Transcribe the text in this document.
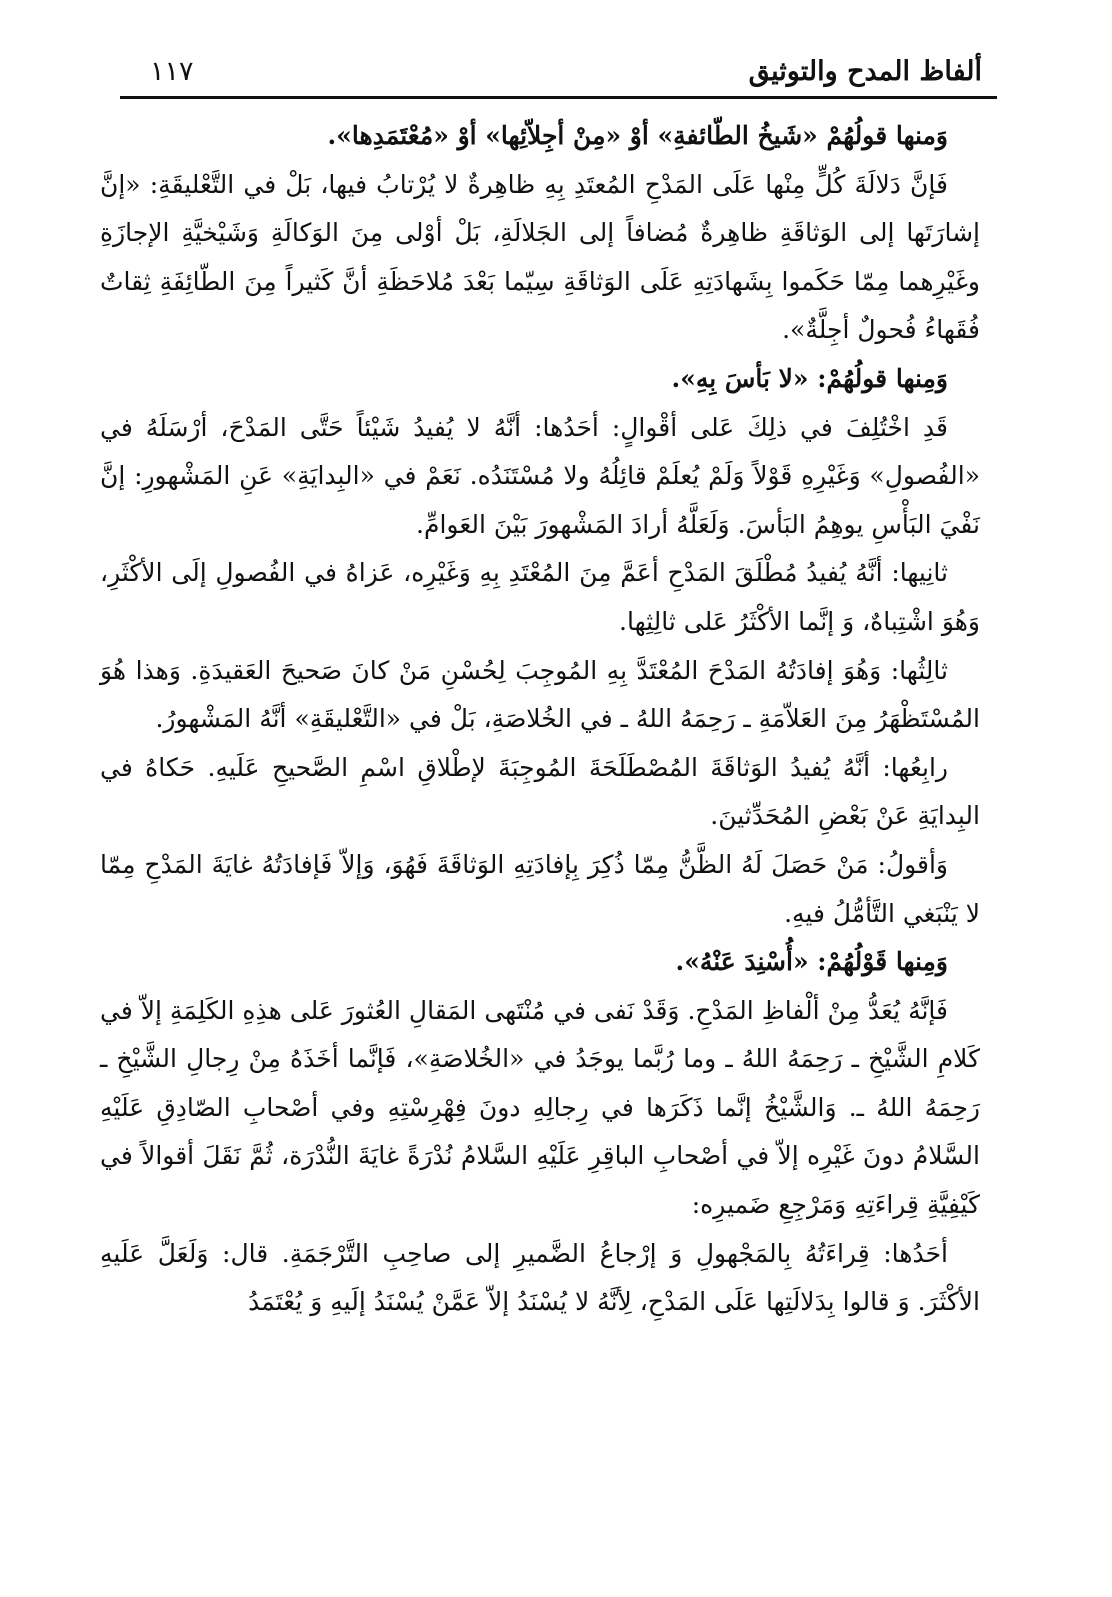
١١٧	ألفاظ المدح والتوثيق

وَمنها قولُهُمْ «شَيخُ الطّائفةِ» أوْ «مِنْ أجِلاّئِها» أوْ «مُعْتَمَدِها».

فَإنَّ دَلالَةَ كُلٍّ مِنْها عَلَى المَدْحِ المُعتَدِ بِهِ ظاهِرةٌ لا يُرْتابُ فيها، بَلْ في التَّعْليقَةِ: «إنَّ إشارَتَها إلى الوَثاقَةِ ظاهِرةٌ مُضافاً إلى الجَلالَةِ، بَلْ أوْلى مِنَ الوَكالَةِ وَشَيْخيَّةِ الإجازَةِ وغَيْرِهما مِمّا حَكَموا بِشَهادَتِهِ عَلَى الوَثاقَةِ سِيّما بَعْدَ مُلاحَظَةِ أنَّ كَثيراً مِنَ الطّائِفَةِ ثِقاتٌ فُقَهاءُ فُحولٌ أجِلَّةٌ».

وَمِنها قولُهُمْ: «لا بَأسَ بِهِ».

قَدِ اخْتُلِفَ في ذلِكَ عَلى أقْوالٍ: أحَدُها: أنَّهُ لا يُفيدُ شَيْئاً حَتَّى المَدْحَ، أرْسَلَهُ في «الفُصولِ» وَغَيْرِهِ قَوْلاً وَلَمْ يُعلَمْ قائِلُهُ ولا مُسْتَنَدُه. نَعَمْ في «البِدايَةِ» عَنِ المَشْهورِ: إنَّ نَفْيَ البَأْسِ يوهِمُ البَأسَ. وَلَعَلَّهُ أرادَ المَشْهورَ بَيْنَ العَوامِّ.

ثانِيها: أنَّهُ يُفيدُ مُطْلَقَ المَدْحِ أعَمَّ مِنَ المُعْتَدِ بِهِ وَغَيْرِه، عَزاهُ في الفُصولِ إلَى الأكْثَرِ، وَهُوَ اشْتِباهٌ، وَ إنَّما الأكْثَرُ عَلى ثالِثِها.

ثالِثُها: وَهُوَ إفادَتُهُ المَدْحَ المُعْتَدَّ بِهِ المُوجِبَ لِحُسْنِ مَنْ كانَ صَحيحَ العَقيدَةِ. وَهذا هُوَ المُسْتَظْهَرُ مِنَ العَلاّمَةِ ـ رَحِمَهُ اللهُ ـ في الخُلاصَةِ، بَلْ في «التَّعْليقَةِ» أنَّهُ المَشْهورُ.

رابِعُها: أنَّهُ يُفيدُ الوَثاقَةَ المُصْطَلَحَةَ المُوجِبَةَ لإطْلاقِ اسْمِ الصَّحيحِ عَلَيهِ. حَكاهُ في البِدايَةِ عَنْ بَعْضِ المُحَدِّثينَ.

وَأقولُ: مَنْ حَصَلَ لَهُ الظَّنُّ مِمّا ذُكِرَ بِإفادَتِهِ الوَثاقَةَ فَهُوَ، وَإلاّ فَإفادَتُهُ غايَةَ المَدْحِ مِمّا لا يَنْبَغي التَّأمُّلُ فيهِ.

وَمِنها قَوْلُهُمْ: «أُسْنِدَ عَنْهُ».

فَإنَّهُ يُعَدُّ مِنْ ألْفاظِ المَدْحِ. وَقَدْ نَفى في مُنْتَهى المَقالِ العُثورَ عَلى هذِهِ الكَلِمَةِ إلاّ في كَلامِ الشَّيْخِ ـ رَحِمَهُ اللهُ ـ وما رُبَّما يوجَدُ في «الخُلاصَةِ»، فَإنَّما أخَذَهُ مِنْ رِجالِ الشَّيْخِ ـ رَحِمَهُ اللهُ ـ. وَالشَّيْخُ إنَّما ذَكَرَها في رِجالِهِ دونَ فِهْرِسْتِهِ وفي أصْحابِ الصّادِقِ عَلَيْهِ السَّلامُ دونَ غَيْرِه إلاّ في أصْحابِ الباقِرِ عَلَيْهِ السَّلامُ نُدْرَةً غايَةَ النُّدْرَة، ثُمَّ نَقَلَ أقوالاً في كَيْفِيَّةِ قِراءَتِهِ وَمَرْجِعِ ضَميرِه:

أحَدُها: قِراءَتُهُ بِالمَجْهولِ وَ إرْجاعُ الضَّميرِ إلى صاحِبِ التَّرْجَمَةِ. قال: وَلَعَلَّ عَلَيهِ الأكْثَرَ. وَ قالوا بِدَلالَتِها عَلَى المَدْحِ، لِأنَّهُ لا يُسْنَدُ إلاّ عَمَّنْ يُسْنَدُ إلَيهِ وَ يُعْتَمَدُ
